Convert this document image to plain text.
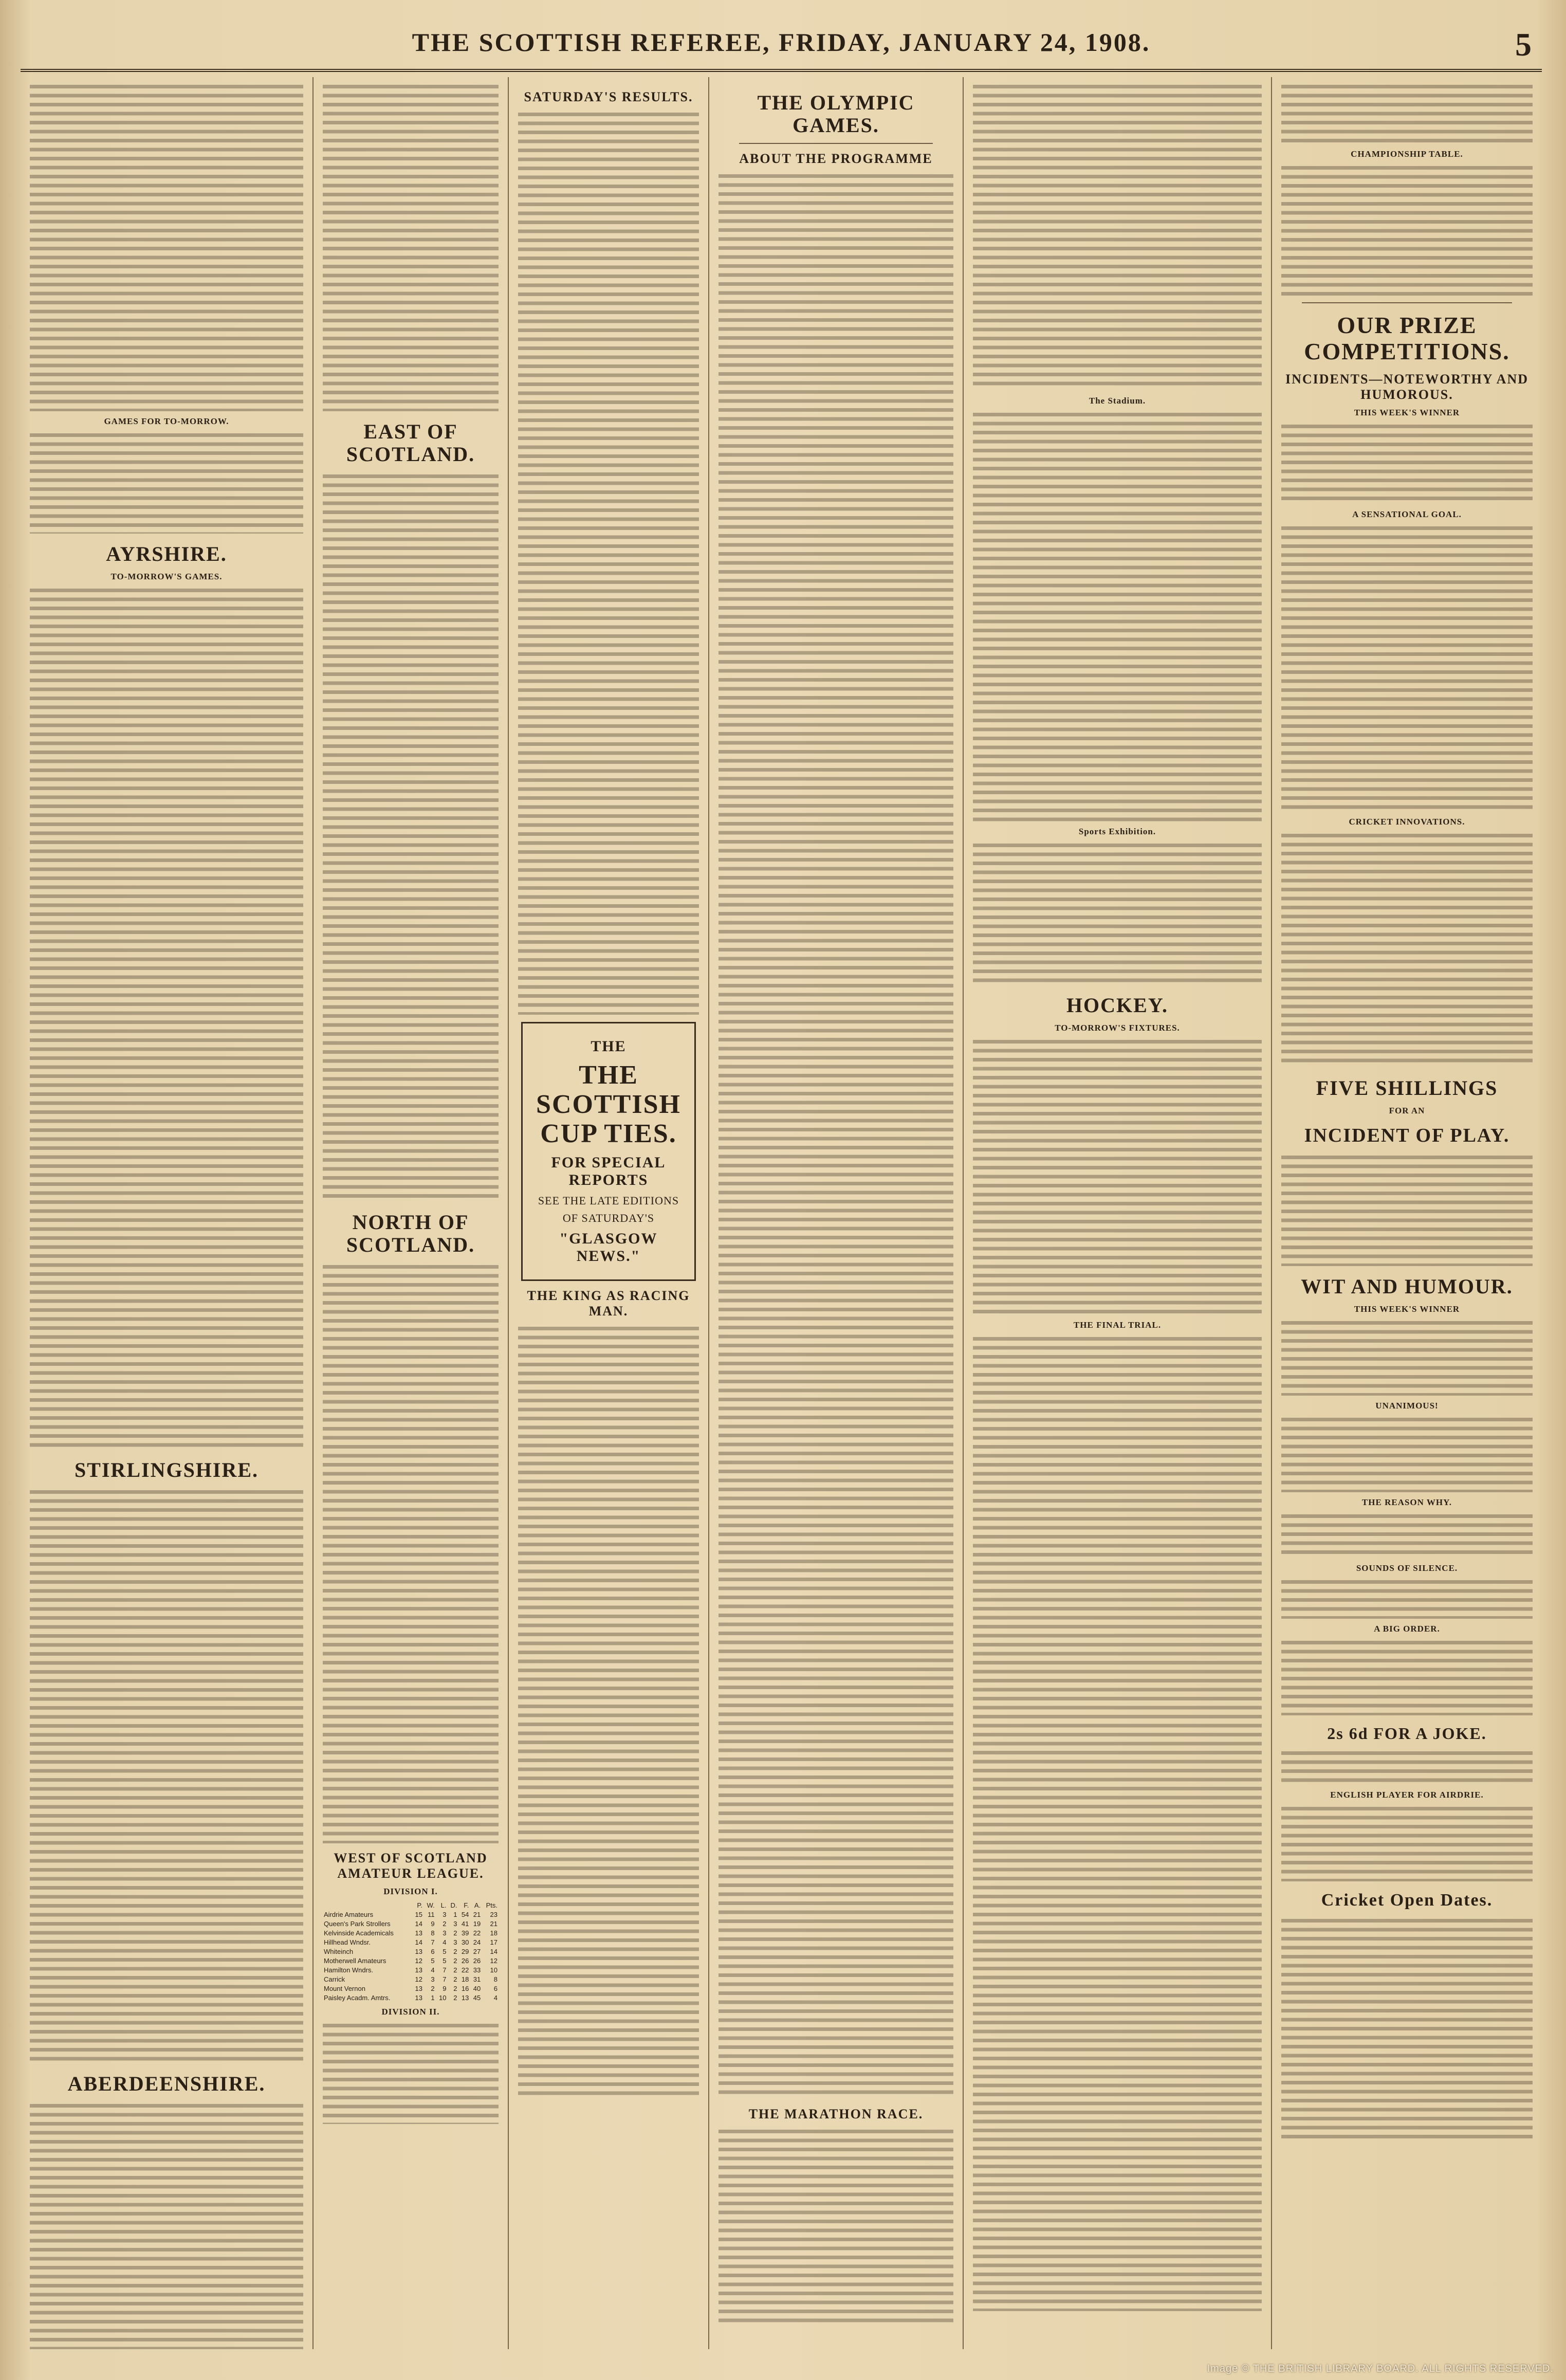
THE SCOTTISH REFEREE, FRIDAY, JANUARY 24, 1908.	5
GAMES FOR TO-MORROW.
AYRSHIRE.
TO-MORROW'S GAMES.
STIRLINGSHIRE.
ABERDEENSHIRE.
EAST OF SCOTLAND.
NORTH OF SCOTLAND.
WEST OF SCOTLAND AMATEUR LEAGUE.
DIVISION I.
	P.	W.	L.	D.	F.	A.	Pts.
Airdrie Amateurs	15	11	3	1	54	21	23
Queen's Park Strollers	14	9	2	3	41	19	21
Kelvinside Academicals	13	8	3	2	39	22	18
Hillhead Wndsr.	14	7	4	3	30	24	17
Whiteinch	13	6	5	2	29	27	14
Motherwell Amateurs	12	5	5	2	26	26	12
Hamilton Wndrs.	13	4	7	2	22	33	10
Carrick	12	3	7	2	18	31	8
Mount Vernon	13	2	9	2	16	40	6
Paisley Acadm. Amtrs.	13	1	10	2	13	45	4
DIVISION II.
SATURDAY'S RESULTS.
THE
THE SCOTTISH CUP TIES.
FOR SPECIAL REPORTS
SEE THE LATE EDITIONS
OF SATURDAY'S
"GLASGOW NEWS."
THE KING AS RACING MAN.
THE OLYMPIC GAMES.
ABOUT THE PROGRAMME
THE MARATHON RACE.
The Stadium.
Sports Exhibition.
HOCKEY.
TO-MORROW'S FIXTURES.
THE FINAL TRIAL.
CHAMPIONSHIP TABLE.
OUR PRIZE COMPETITIONS.
INCIDENTS—NOTEWORTHY AND HUMOROUS.
THIS WEEK'S WINNER
A SENSATIONAL GOAL.
CRICKET INNOVATIONS.
FIVE SHILLINGS
FOR AN
INCIDENT OF PLAY.
WIT AND HUMOUR.
THIS WEEK'S WINNER
UNANIMOUS!
THE REASON WHY.
SOUNDS OF SILENCE.
A BIG ORDER.
2s 6d FOR A JOKE.
ENGLISH PLAYER FOR AIRDRIE.
Cricket Open Dates.
Image © THE BRITISH LIBRARY BOARD. ALL RIGHTS RESERVED.
